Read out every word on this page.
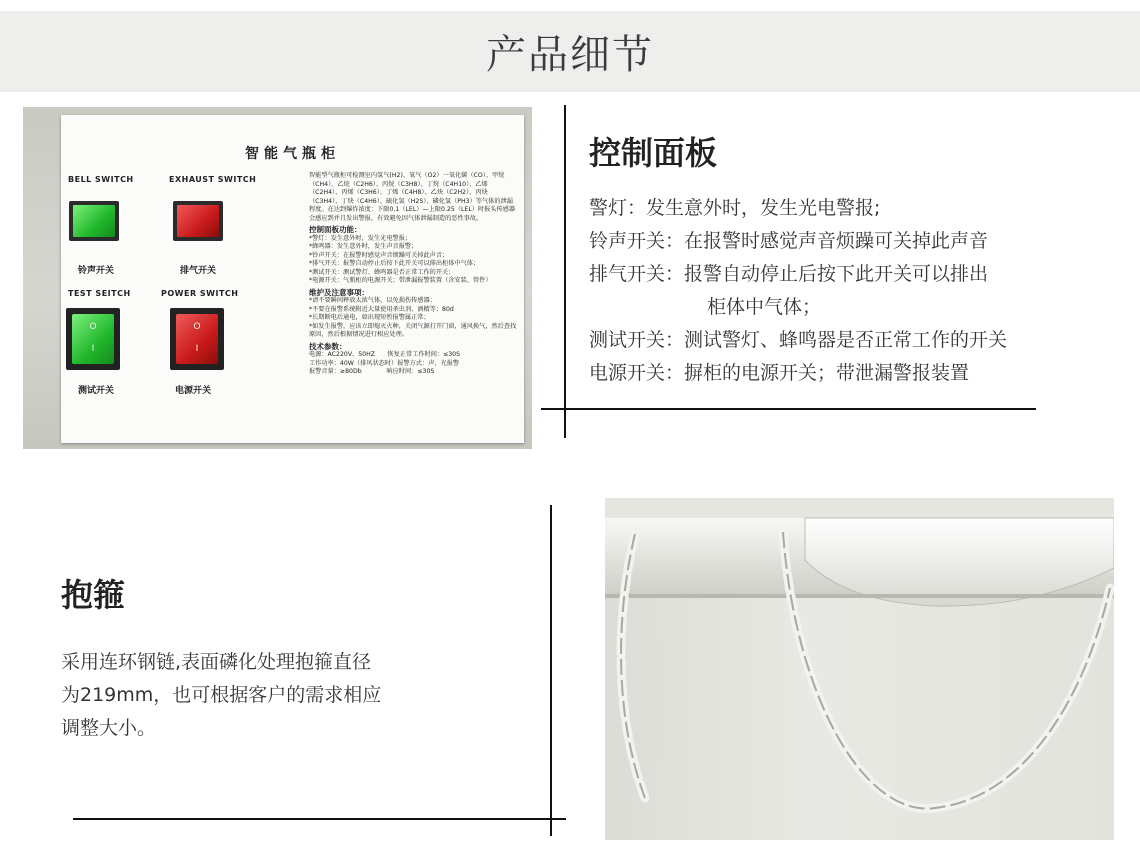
产品细节
智能气瓶柜
BELL SWITCH
铃声开关
EXHAUST SWITCH
排气开关
TEST SEITCH
O
I
测试开关
POWER SWITCH
O
I
电源开关
智能型气瓶柜可检测室内氢气(H2)、氧气（O2）一氧化碳（CO）、甲烷（CH4）、乙烷（C2H6）、丙烷（C3H8）、丁烷（C4H10）、乙烯（C2H4）、丙烯（C3H6）、丁烯（C4H8）、乙炔（C2H2）、丙炔（C3H4）、丁炔（C4H6）、硫化氢（H2S）、磷化氢（PH3）等气体的泄漏程度。在达到爆炸浓度：下限0.1（LEL）—上限0.25（LEL）时报头传感器会感应到并且发出警报，有效避免因气体泄漏制造的恶性事故。
控制面板功能：
*警灯：发生意外时，发生光电警报；
*蜂鸣器：发生意外时，发生声音报警；
*铃声开关：在报警时感觉声音烦躁可关掉此声音；
*排气开关：报警自动停止后按下此开关可以排出柜体中气体；
*测试开关：测试警灯、蜂鸣器是否正常工作的开关；
*电源开关：气瓶柜的电源开关；带泄漏报警装置（含安装、管件）
维护及注意事项：
*请不要瞬间释放太浓气体，以免损伤传感器；
*不要在报警系统附近大量使用杀虫剂、酒精等；80d
*长期断电后通电，如出现短暂报警属正常；
*如发生报警，应该立即熄灭火种，关闭气源打开门窗，通风换气，然后查找原因，然后根据情况进行相应处理。
技术参数：
电源：AC220V、50HZ　　恢复正常工作时间：≤30S
工作功率：40W（排风状态时）报警方式：声、光报警
报警音量：≥80Db　　　　响应时间：≤30S
控制面板
警灯：发生意外时，发生光电警报;
铃声开关：在报警时感觉声音烦躁可关掉此声音
排气开关：报警自动停止后按下此开关可以排出
柜体中气体；
测试开关：测试警灯、蜂鸣器是否正常工作的开关
电源开关：摒柜的电源开关；带泄漏警报装置
抱箍
采用连环钢链,表面磷化处理抱箍直径
为219mm，也可根据客户的需求相应
调整大小。
